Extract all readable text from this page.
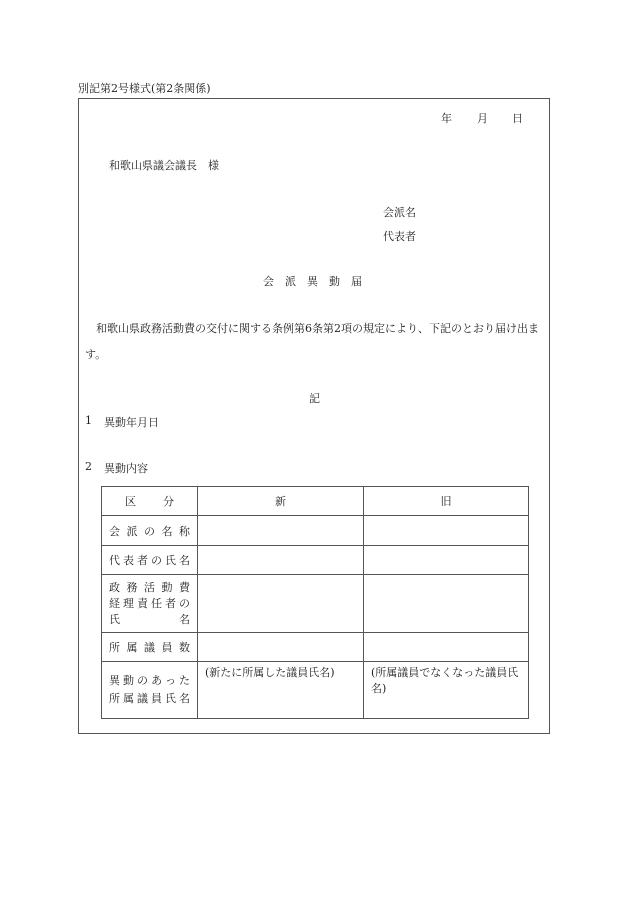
別記第2号様式(第2条関係)
年 月 日
和歌山県議会議長　様
会派名
代表者
会派異動届
和歌山県政務活動費の交付に関する条例第6条第2項の規定により、下記のとおり届け出ます。
記
1 異動年月日
2 異動内容
区分	新	旧

会派の名称		

代表者の氏名		

政務活動費
経理責任者の
氏名		

所属議員数		

異動のあった
所属議員氏名	(新たに所属した議員氏名)	(所属議員でなくなった議員氏名)
